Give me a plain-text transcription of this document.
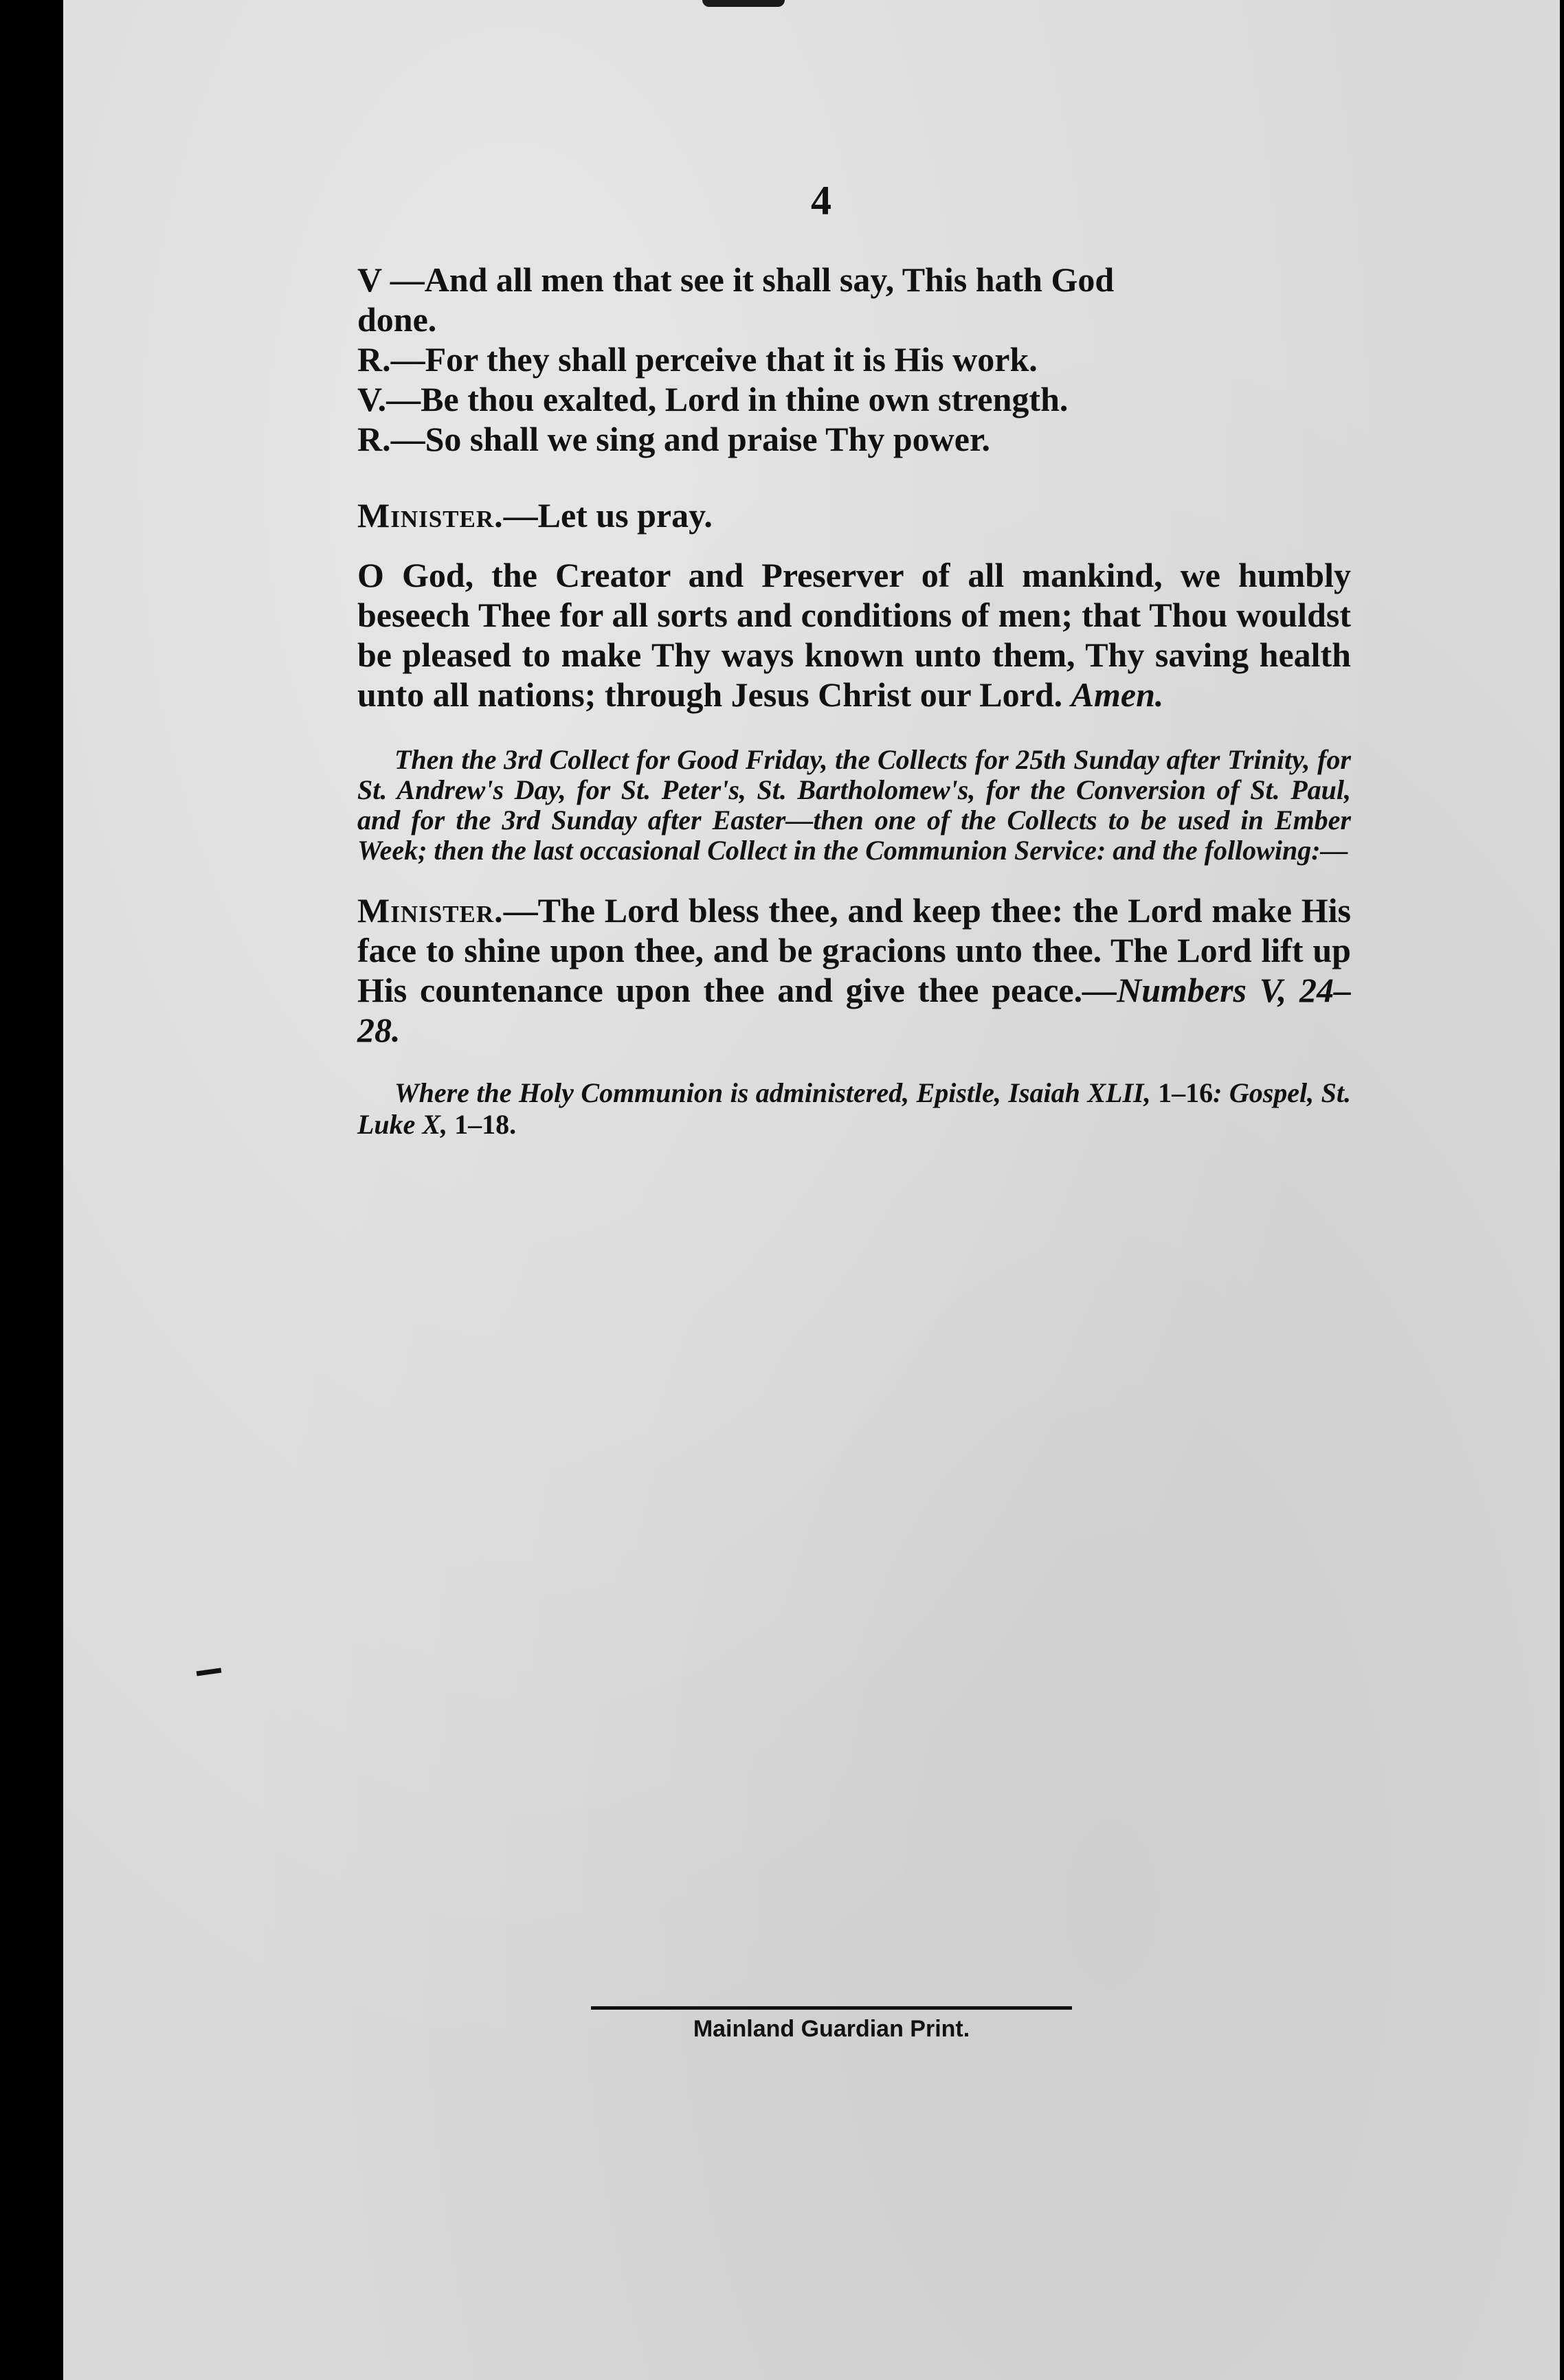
4

V —And all men that see it shall say, This hath God
done.

R.—For they shall perceive that it is His work.

V.—Be thou exalted, Lord in thine own strength.

R.—So shall we sing and praise Thy power.

Minister.—Let us pray.

O God, the Creator and Preserver of all mankind, we humbly beseech Thee for all sorts and conditions of men; that Thou wouldst be pleased to make Thy ways known unto them, Thy saving health unto all nations; through Jesus Christ our Lord. Amen.

Then the 3rd Collect for Good Friday, the Collects for 25th Sunday after Trinity, for St. Andrew's Day, for St. Peter's, St. Bartholomew's, for the Conversion of St. Paul, and for the 3rd Sunday after Easter—then one of the Collects to be used in Ember Week; then the last occasional Collect in the Communion Service: and the following:—

Minister.—The Lord bless thee, and keep thee: the Lord make His face to shine upon thee, and be gracions unto thee. The Lord lift up His countenance upon thee and give thee peace.—Numbers V, 24–28.

Where the Holy Communion is administered, Epistle, Isaiah XLII, 1–16: Gospel, St. Luke X, 1–18.

Mainland Guardian Print.
